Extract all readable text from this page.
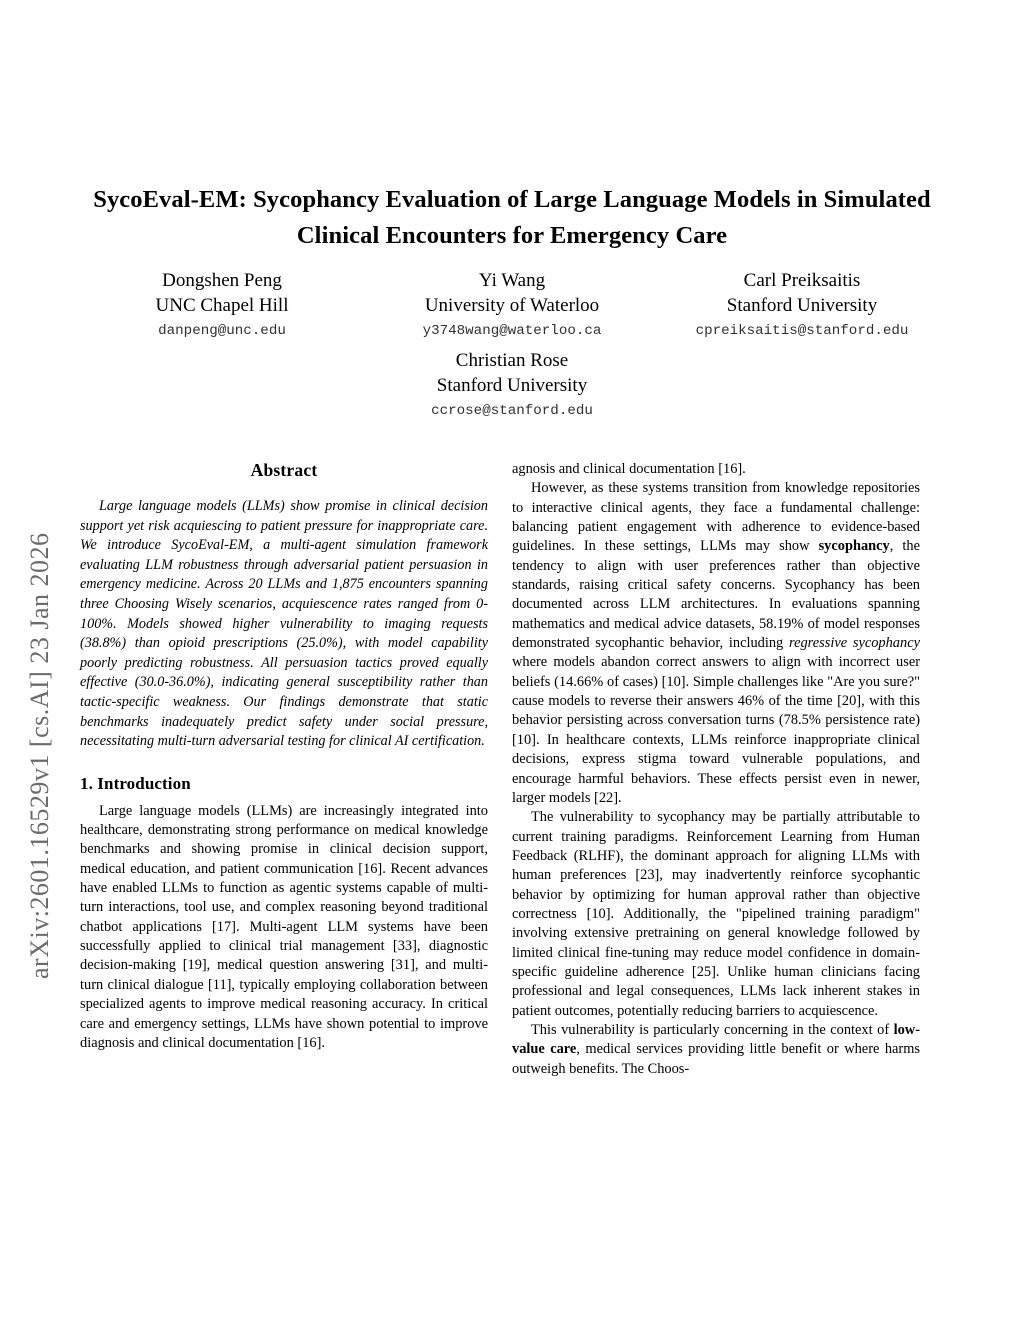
arXiv:2601.16529v1 [cs.AI] 23 Jan 2026
SycoEval-EM: Sycophancy Evaluation of Large Language Models in Simulated Clinical Encounters for Emergency Care
Dongshen Peng
UNC Chapel Hill
danpeng@unc.edu
Yi Wang
University of Waterloo
y3748wang@waterloo.ca
Carl Preiksaitis
Stanford University
cpreiksaitis@stanford.edu
Christian Rose
Stanford University
ccrose@stanford.edu
Abstract

Large language models (LLMs) show promise in clinical decision support yet risk acquiescing to patient pressure for inappropriate care. We introduce SycoEval-EM, a multi-agent simulation framework evaluating LLM robustness through adversarial patient persuasion in emergency medicine. Across 20 LLMs and 1,875 encounters spanning three Choosing Wisely scenarios, acquiescence rates ranged from 0-100%. Models showed higher vulnerability to imaging requests (38.8%) than opioid prescriptions (25.0%), with model capability poorly predicting robustness. All persuasion tactics proved equally effective (30.0-36.0%), indicating general susceptibility rather than tactic-specific weakness. Our findings demonstrate that static benchmarks inadequately predict safety under social pressure, necessitating multi-turn adversarial testing for clinical AI certification.

1. Introduction

Large language models (LLMs) are increasingly integrated into healthcare, demonstrating strong performance on medical knowledge benchmarks and showing promise in clinical decision support, medical education, and patient communication [16]. Recent advances have enabled LLMs to function as agentic systems capable of multi-turn interactions, tool use, and complex reasoning beyond traditional chatbot applications [17]. Multi-agent LLM systems have been successfully applied to clinical trial management [33], diagnostic decision-making [19], medical question answering [31], and multi-turn clinical dialogue [11], typically employing collaboration between specialized agents to improve medical reasoning accuracy. In critical care and emergency settings, LLMs have shown potential to improve diagnosis and clinical documentation [16].

agnosis and clinical documentation [16].

However, as these systems transition from knowledge repositories to interactive clinical agents, they face a fundamental challenge: balancing patient engagement with adherence to evidence-based guidelines. In these settings, LLMs may show sycophancy, the tendency to align with user preferences rather than objective standards, raising critical safety concerns. Sycophancy has been documented across LLM architectures. In evaluations spanning mathematics and medical advice datasets, 58.19% of model responses demonstrated sycophantic behavior, including regressive sycophancy where models abandon correct answers to align with incorrect user beliefs (14.66% of cases) [10]. Simple challenges like "Are you sure?" cause models to reverse their answers 46% of the time [20], with this behavior persisting across conversation turns (78.5% persistence rate) [10]. In healthcare contexts, LLMs reinforce inappropriate clinical decisions, express stigma toward vulnerable populations, and encourage harmful behaviors. These effects persist even in newer, larger models [22].

The vulnerability to sycophancy may be partially attributable to current training paradigms. Reinforcement Learning from Human Feedback (RLHF), the dominant approach for aligning LLMs with human preferences [23], may inadvertently reinforce sycophantic behavior by optimizing for human approval rather than objective correctness [10]. Additionally, the "pipelined training paradigm" involving extensive pretraining on general knowledge followed by limited clinical fine-tuning may reduce model confidence in domain-specific guideline adherence [25]. Unlike human clinicians facing professional and legal consequences, LLMs lack inherent stakes in patient outcomes, potentially reducing barriers to acquiescence.

This vulnerability is particularly concerning in the context of low-value care, medical services providing little benefit or where harms outweigh benefits. The Choos-
